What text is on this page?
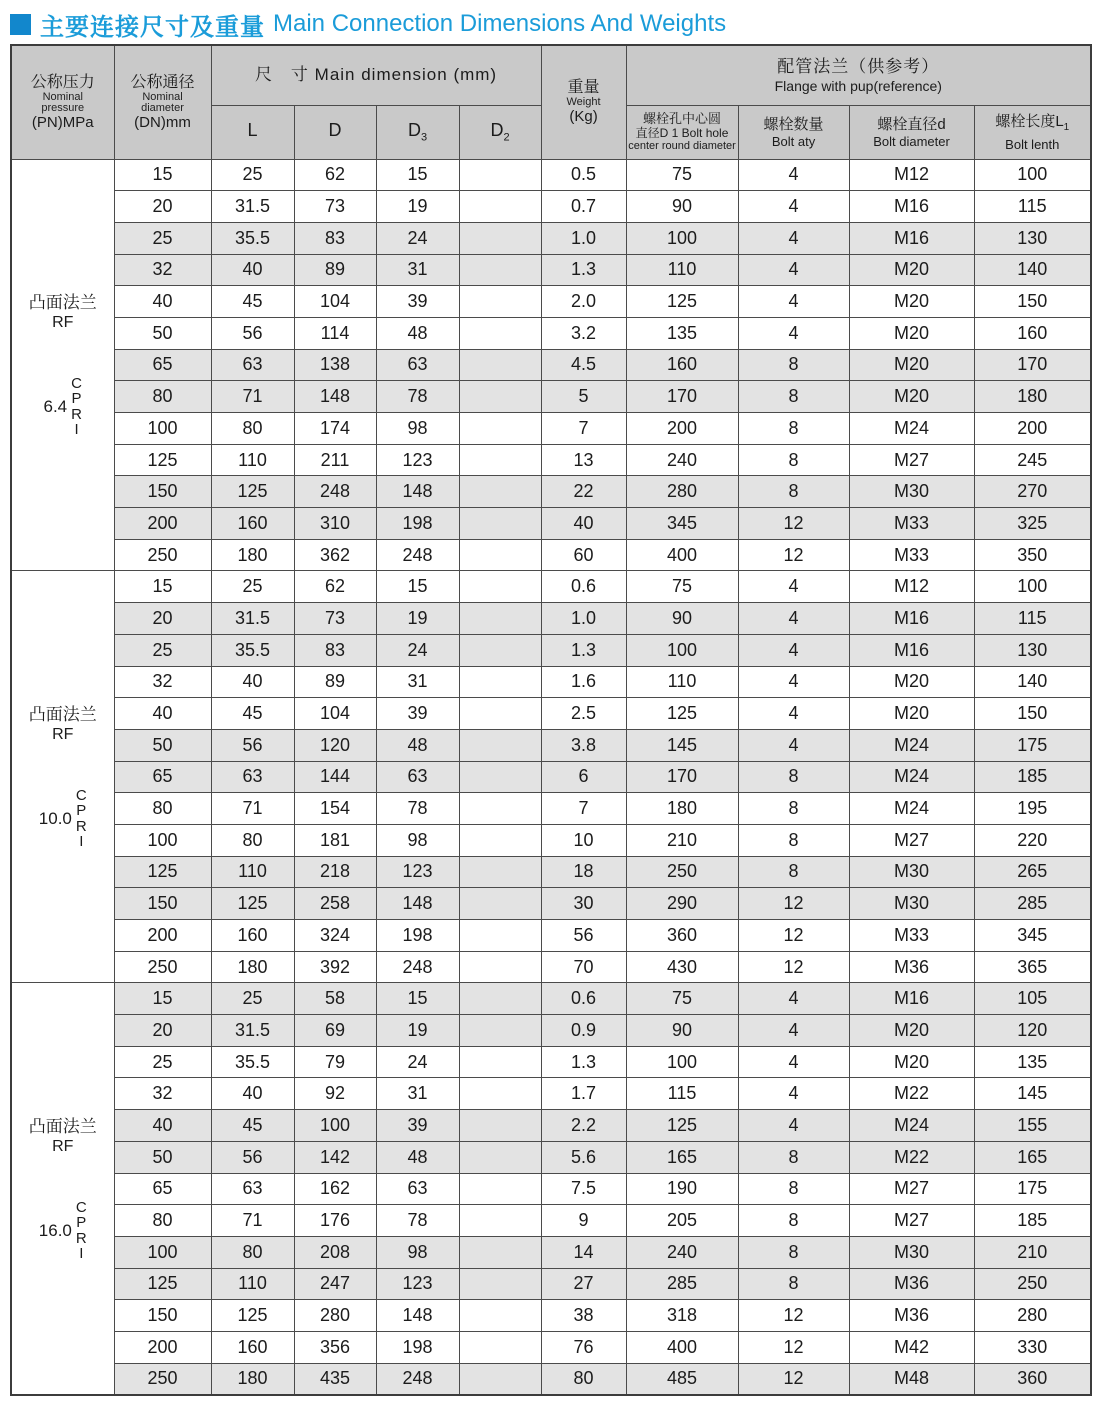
主要连接尺寸及重量 Main Connection Dimensions And Weights
公称压力
Nominal
pressure
(PN)MPa

公称通径
Nominal
diameter
(DN)mm

尺　寸 Main dimension (mm)

重量
Weight
(Kg)

配管法兰（供参考）
Flange with pup(reference)

L	D	$D_3$	$D_2$	
螺栓孔中心圆
直径D 1 Bolt hole
center round diameter

螺栓数量
Bolt aty

螺栓直径d
Bolt diameter

螺栓长度$L_1$
Bolt lenth

凸面法兰
RF
6.4
C
P
R
I
	15	25	62	15		0.5	75	4	M12	100
	20	31.5	73	19		0.7	90	4	M16	115
	25	35.5	83	24		1.0	100	4	M16	130
	32	40	89	31		1.3	110	4	M20	140
	40	45	104	39		2.0	125	4	M20	150
	50	56	114	48		3.2	135	4	M20	160
	65	63	138	63		4.5	160	8	M20	170
	80	71	148	78		5	170	8	M20	180
	100	80	174	98		7	200	8	M24	200
	125	110	211	123		13	240	8	M27	245
	150	125	248	148		22	280	8	M30	270
	200	160	310	198		40	345	12	M33	325
	250	180	362	248		60	400	12	M33	350

凸面法兰
RF
10.0
C
P
R
I
	15	25	62	15		0.6	75	4	M12	100
	20	31.5	73	19		1.0	90	4	M16	115
	25	35.5	83	24		1.3	100	4	M16	130
	32	40	89	31		1.6	110	4	M20	140
	40	45	104	39		2.5	125	4	M20	150
	50	56	120	48		3.8	145	4	M24	175
	65	63	144	63		6	170	8	M24	185
	80	71	154	78		7	180	8	M24	195
	100	80	181	98		10	210	8	M27	220
	125	110	218	123		18	250	8	M30	265
	150	125	258	148		30	290	12	M30	285
	200	160	324	198		56	360	12	M33	345
	250	180	392	248		70	430	12	M36	365

凸面法兰
RF
16.0
C
P
R
I
	15	25	58	15		0.6	75	4	M16	105
	20	31.5	69	19		0.9	90	4	M20	120
	25	35.5	79	24		1.3	100	4	M20	135
	32	40	92	31		1.7	115	4	M22	145
	40	45	100	39		2.2	125	4	M24	155
	50	56	142	48		5.6	165	8	M22	165
	65	63	162	63		7.5	190	8	M27	175
	80	71	176	78		9	205	8	M27	185
	100	80	208	98		14	240	8	M30	210
	125	110	247	123		27	285	8	M36	250
	150	125	280	148		38	318	12	M36	280
	200	160	356	198		76	400	12	M42	330
	250	180	435	248		80	485	12	M48	360
